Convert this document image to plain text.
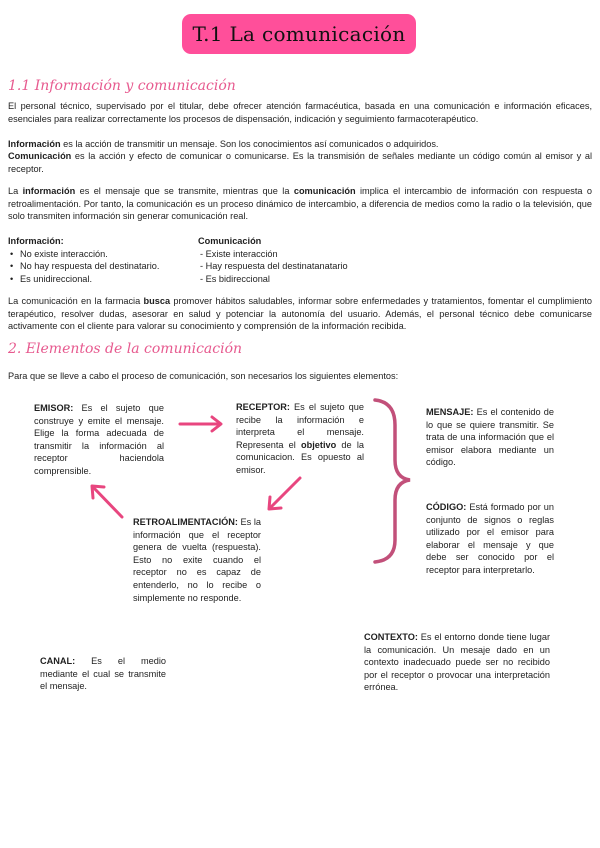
T.1 La comunicación
1.1 Información y comunicación

El personal técnico, supervisado por el titular, debe ofrecer atención farmacéutica, basada en una comunicación e información eficaces, esenciales para realizar correctamente los procesos de dispensación, indicación y seguimiento farmacoterapéutico.

Información es la acción de transmitir un mensaje. Son los conocimientos así comunicados o adquiridos.

Comunicación es la acción y efecto de comunicar o comunicarse. Es la transmisión de señales mediante un código común al emisor y al receptor.

La información es el mensaje que se transmite, mientras que la comunicación implica el intercambio de información con respuesta o retroalimentación. Por tanto, la comunicación es un proceso dinámico de intercambio, a diferencia de medios como la radio o la televisión, que solo transmiten información sin generar comunicación real.

Información:
• No existe interacción.
• No hay respuesta del destinatario.
• Es unidireccional.
Comunicación
- Existe interacción
- Hay respuesta del destinatanatario
- Es bidireccional

La comunicación en la farmacia busca promover hábitos saludables, informar sobre enfermedades y tratamientos, fomentar el cumplimiento terapéutico, resolver dudas, asesorar en salud y potenciar la autonomía del usuario. Además, el personal técnico debe comunicarse activamente con el cliente para valorar su conocimiento y comprensión de la información recibida.

2. Elementos de la comunicación

Para que se lleve a cabo el proceso de comunicación, son necesarios los siguientes elementos:

EMISOR: Es el sujeto que construye y emite el mensaje. Elige la forma adecuada de transmitir la información al receptor haciendola comprensible.
RECEPTOR: Es el sujeto que recibe la información e interpreta el mensaje. Representa el objetivo de la comunicacion. Es opuesto al emisor.
RETROALIMENTACIÓN: Es la información que el receptor genera de vuelta (respuesta). Esto no exite cuando el receptor no es capaz de entenderlo, no lo recibe o simplemente no responde.
MENSAJE: Es el contenido de lo que se quiere transmitir. Se trata de una información que el emisor elabora mediante un código.
CÓDIGO: Está formado por un conjunto de signos o reglas utilizado por el emisor para elaborar el mensaje y que debe ser conocido por el receptor para interpretarlo.
CONTEXTO: Es el entorno donde tiene lugar la comunicación. Un mesaje dado en un contexto inadecuado puede ser no recibido por el receptor o provocar una interpretación errónea.
CANAL: Es el medio mediante el cual se transmite el mensaje.
